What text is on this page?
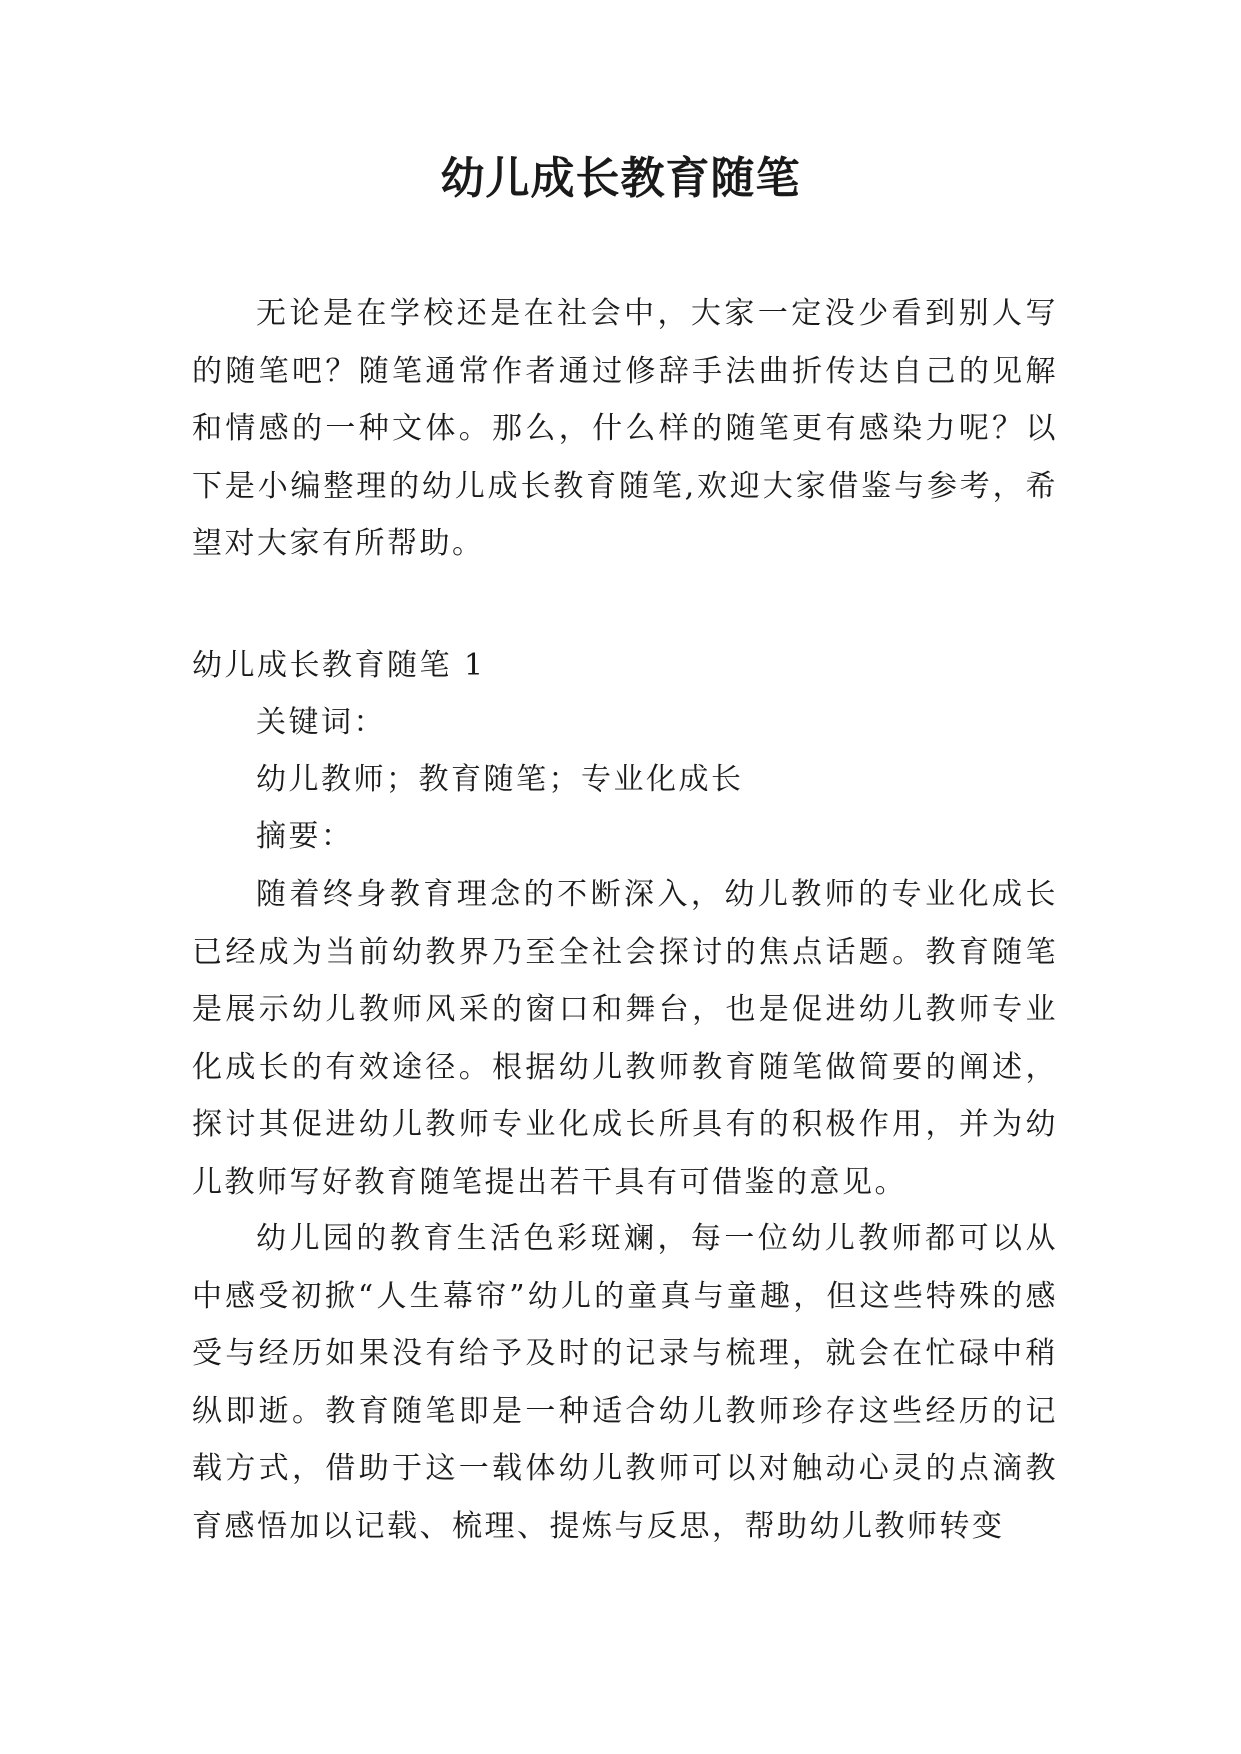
幼儿成长教育随笔

无论是在学校还是在社会中，大家一定没少看到别人写的随笔吧？随笔通常作者通过修辞手法曲折传达自己的见解和情感的一种文体。那么，什么样的随笔更有感染力呢？以下是小编整理的幼儿成长教育随笔,欢迎大家借鉴与参考，希望对大家有所帮助。

幼儿成长教育随笔 1

关键词：

幼儿教师；教育随笔；专业化成长

摘要：

随着终身教育理念的不断深入，幼儿教师的专业化成长已经成为当前幼教界乃至全社会探讨的焦点话题。教育随笔是展示幼儿教师风采的窗口和舞台，也是促进幼儿教师专业化成长的有效途径。根据幼儿教师教育随笔做简要的阐述，探讨其促进幼儿教师专业化成长所具有的积极作用，并为幼儿教师写好教育随笔提出若干具有可借鉴的意见。

幼儿园的教育生活色彩斑斓，每一位幼儿教师都可以从中感受初掀“人生幕帘”幼儿的童真与童趣，但这些特殊的感受与经历如果没有给予及时的记录与梳理，就会在忙碌中稍纵即逝。教育随笔即是一种适合幼儿教师珍存这些经历的记载方式，借助于这一载体幼儿教师可以对触动心灵的点滴教育感悟加以记载、梳理、提炼与反思，帮助幼儿教师转变
